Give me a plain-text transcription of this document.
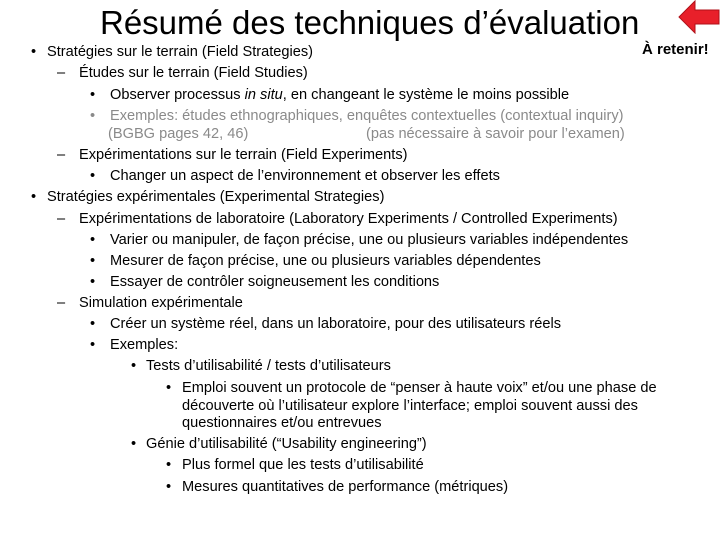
Résumé des techniques d’évaluation
À retenir!
• Stratégies sur le terrain (Field Strategies)
– Études sur le terrain (Field Studies)
• Observer processus in situ, en changeant le système le moins possible
• Exemples: études ethnographiques, enquêtes contextuelles (contextual inquiry)
(BGBG pages 42, 46)	(pas nécessaire à savoir pour l’examen)
– Expérimentations sur le terrain (Field Experiments)
• Changer un aspect de l’environnement et observer les effets
• Stratégies expérimentales (Experimental Strategies)
– Expérimentations de laboratoire (Laboratory Experiments / Controlled Experiments)
• Varier ou manipuler, de façon précise, une ou plusieurs variables indépendentes
• Mesurer de façon précise, une ou plusieurs variables dépendentes
• Essayer de contrôler soigneusement les conditions
– Simulation expérimentale
• Créer un système réel, dans un laboratoire, pour des utilisateurs réels
• Exemples:
• Tests d’utilisabilité / tests d’utilisateurs
• Emploi souvent un protocole de “penser à haute voix” et/ou une phase de
découverte où l’utilisateur explore l’interface; emploi souvent aussi des
questionnaires et/ou entrevues
• Génie d’utilisabilité (“Usability engineering”)
• Plus formel que les tests d’utilisabilité
• Mesures quantitatives de performance (métriques)
